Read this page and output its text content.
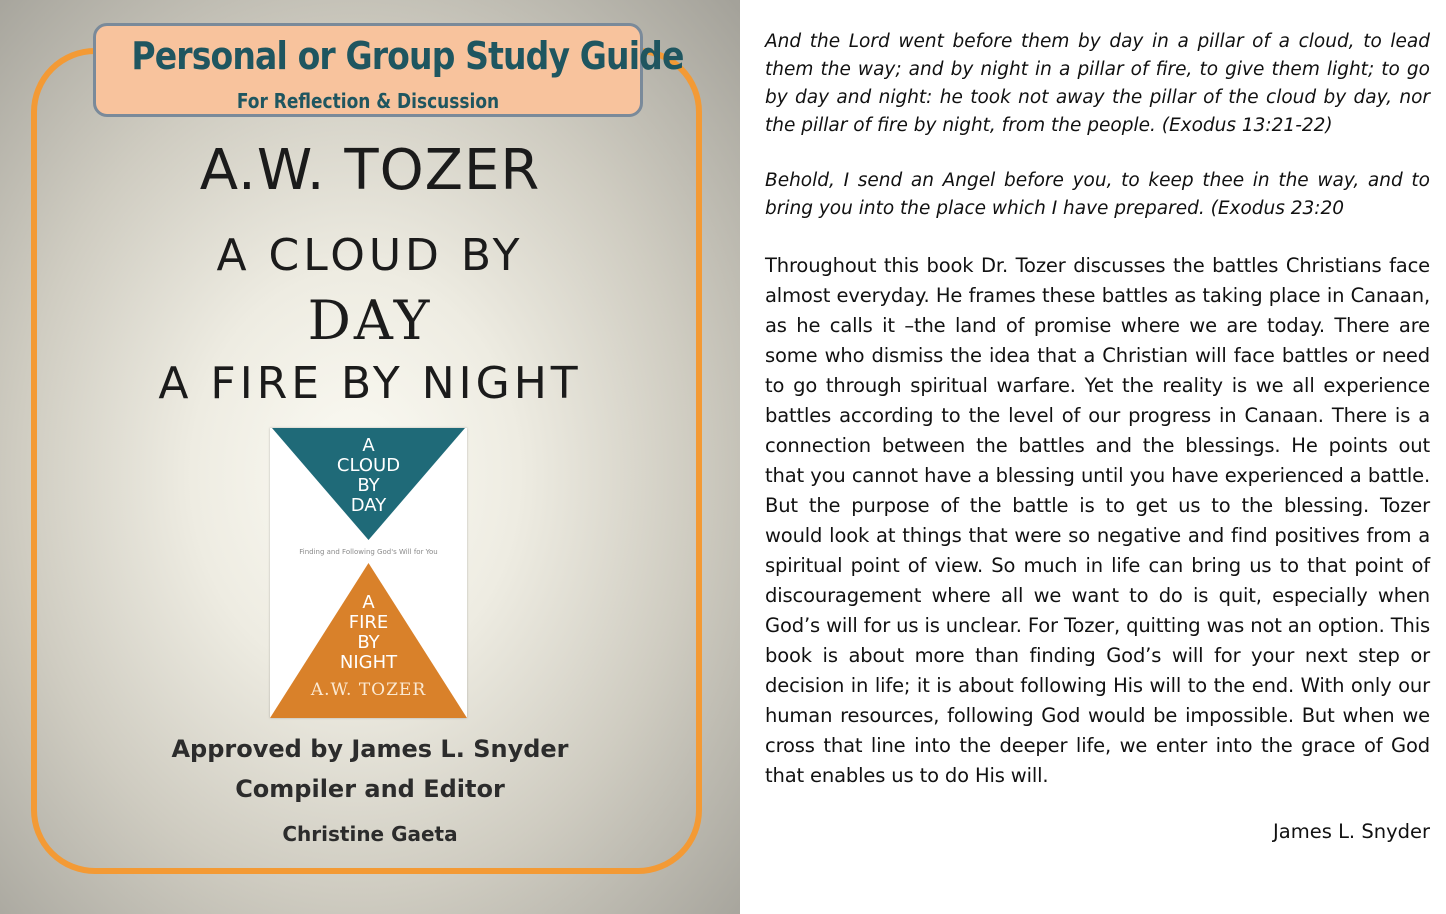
Personal or Group Study Guide
For Reflection & Discussion
A.W. TOZER
A CLOUD BY
DAY
A FIRE BY NIGHT
A
CLOUD
BY
DAY
Finding and Following God's Will for You
A
FIRE
BY
NIGHT
A.W. TOZER
Approved by James L. Snyder
Compiler and Editor
Christine Gaeta

And the Lord went before them by day in a pillar of a cloud, to lead them the way; and by night in a pillar of fire, to give them light; to go by day and night: he took not away the pillar of the cloud by day, nor the pillar of fire by night, from the people. (Exodus 13:21-22)

Behold, I send an Angel before you, to keep thee in the way, and to bring you into the place which I have prepared. (Exodus 23:20

Throughout this book Dr. Tozer discusses the battles Christians face almost everyday. He frames these battles as taking place in Canaan, as he calls it –the land of promise where we are today. There are some who dismiss the idea that a Christian will face battles or need to go through spiritual warfare. Yet the reality is we all experience battles according to the level of our progress in Canaan. There is a connection between the battles and the blessings. He points out that you cannot have a blessing until you have experienced a battle. But the purpose of the battle is to get us to the blessing. Tozer would look at things that were so negative and find positives from a spiritual point of view. So much in life can bring us to that point of discouragement where all we want to do is quit, especially when God’s will for us is unclear. For Tozer, quitting was not an option. This book is about more than finding God’s will for your next step or decision in life; it is about following His will to the end. With only our human resources, following God would be impossible. But when we cross that line into the deeper life, we enter into the grace of God that enables us to do His will.

James L. Snyder
